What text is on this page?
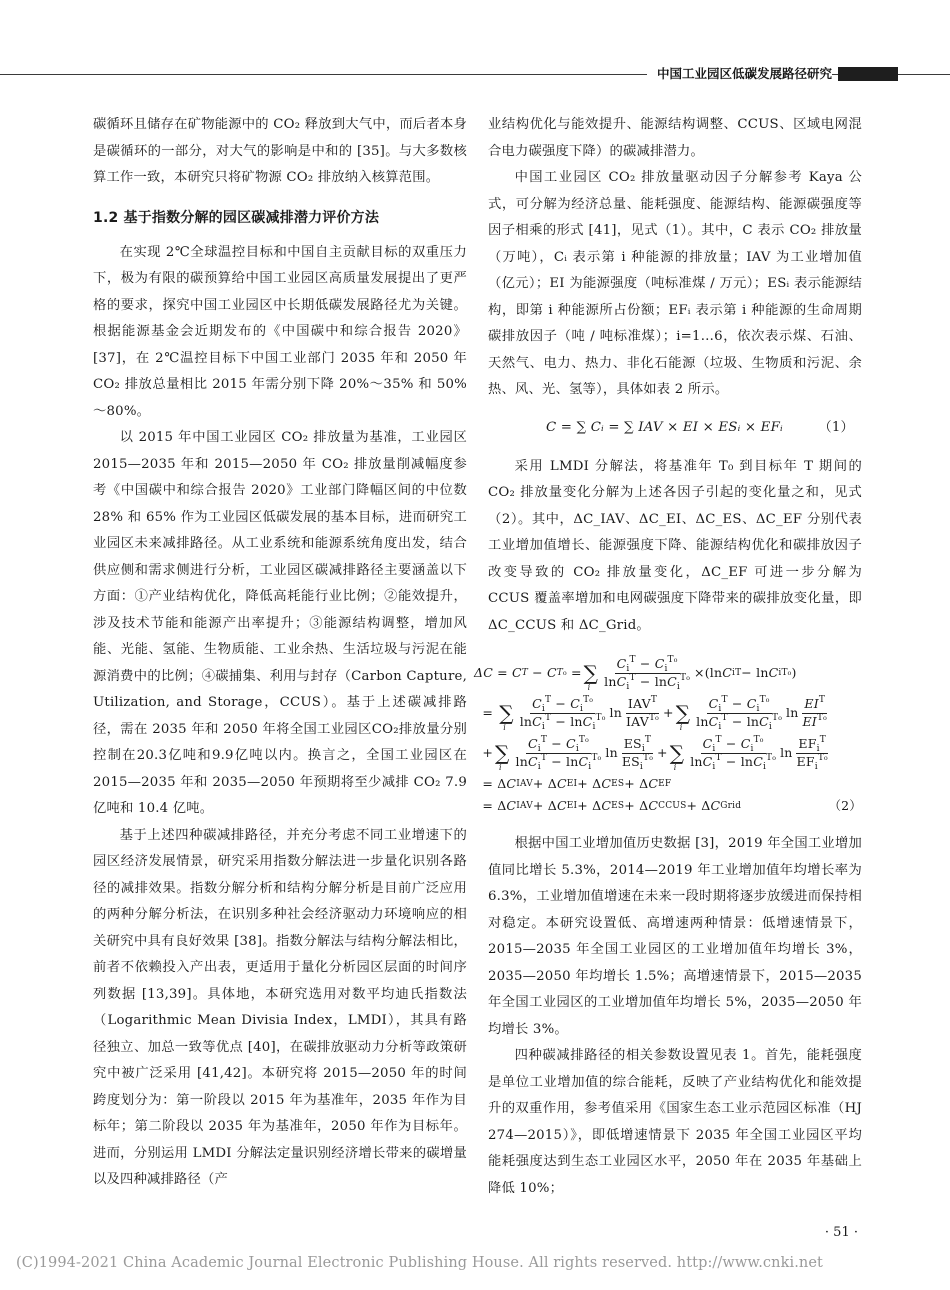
中国工业园区低碳发展路径研究

碳循环且储存在矿物能源中的 CO₂ 释放到大气中，而后者本身是碳循环的一部分，对大气的影响是中和的 [35]。与大多数核算工作一致，本研究只将矿物源 CO₂ 排放纳入核算范围。

1.2 基于指数分解的园区碳减排潜力评价方法

在实现 2℃全球温控目标和中国自主贡献目标的双重压力下，极为有限的碳预算给中国工业园区高质量发展提出了更严格的要求，探究中国工业园区中长期低碳发展路径尤为关键。根据能源基金会近期发布的《中国碳中和综合报告 2020》[37]，在 2℃温控目标下中国工业部门 2035 年和 2050 年 CO₂ 排放总量相比 2015 年需分别下降 20%～35% 和 50%～80%。

以 2015 年中国工业园区 CO₂ 排放量为基准，工业园区 2015—2035 年和 2015—2050 年 CO₂ 排放量削减幅度参考《中国碳中和综合报告 2020》工业部门降幅区间的中位数 28% 和 65% 作为工业园区低碳发展的基本目标，进而研究工业园区未来减排路径。从工业系统和能源系统角度出发，结合供应侧和需求侧进行分析，工业园区碳减排路径主要涵盖以下方面：①产业结构优化，降低高耗能行业比例；②能效提升，涉及技术节能和能源产出率提升；③能源结构调整，增加风能、光能、氢能、生物质能、工业余热、生活垃圾与污泥在能源消费中的比例；④碳捕集、利用与封存（Carbon Capture, Utilization, and Storage，CCUS）。基于上述碳减排路径，需在 2035 年和 2050 年将全国工业园区CO₂排放量分别控制在20.3亿吨和9.9亿吨以内。换言之，全国工业园区在 2015—2035 年和 2035—2050 年预期将至少减排 CO₂ 7.9 亿吨和 10.4 亿吨。

基于上述四种碳减排路径，并充分考虑不同工业增速下的园区经济发展情景，研究采用指数分解法进一步量化识别各路径的减排效果。指数分解分析和结构分解分析是目前广泛应用的两种分解分析法，在识别多种社会经济驱动力环境响应的相关研究中具有良好效果 [38]。指数分解法与结构分解法相比，前者不依赖投入产出表，更适用于量化分析园区层面的时间序列数据 [13,39]。具体地，本研究选用对数平均迪氏指数法（Logarithmic Mean Divisia Index，LMDI），其具有路径独立、加总一致等优点 [40]，在碳排放驱动力分析等政策研究中被广泛采用 [41,42]。本研究将 2015—2050 年的时间跨度划分为：第一阶段以 2015 年为基准年，2035 年作为目标年；第二阶段以 2035 年为基准年，2050 年作为目标年。进而，分别运用 LMDI 分解法定量识别经济增长带来的碳增量以及四种减排路径（产

业结构优化与能效提升、能源结构调整、CCUS、区域电网混合电力碳强度下降）的碳减排潜力。

中国工业园区 CO₂ 排放量驱动因子分解参考 Kaya 公式，可分解为经济总量、能耗强度、能源结构、能源碳强度等因子相乘的形式 [41]，见式（1）。其中，C 表示 CO₂ 排放量（万吨），Cᵢ 表示第 i 种能源的排放量；IAV 为工业增加值（亿元）；EI 为能源强度（吨标准煤 / 万元）；ESᵢ 表示能源结构，即第 i 种能源所占份额；EFᵢ 表示第 i 种能源的生命周期碳排放因子（吨 / 吨标准煤）；i=1…6，依次表示煤、石油、天然气、电力、热力、非化石能源（垃圾、生物质和污泥、余热、风、光、氢等），具体如表 2 所示。

C = ∑ Cᵢ = ∑ IAV × EI × ESᵢ × EFᵢ	（1）

采用 LMDI 分解法，将基准年 T₀ 到目标年 T 期间的 CO₂ 排放量变化分解为上述各因子引起的变化量之和，见式（2）。其中，ΔC_IAV、ΔC_EI、ΔC_ES、ΔC_EF 分别代表工业增加值增长、能源强度下降、能源结构优化和碳排放因子改变导致的 CO₂ 排放量变化，ΔC_EF 可进一步分解为 CCUS 覆盖率增加和电网碳强度下降带来的碳排放变化量，即 ΔC_CCUS 和 ΔC_Grid。

ΔC = C T − C T₀ = ∑
i $\frac{C_i^T - C_i^{T_0}}{\ln C_i^T - \ln C_i^{T_0}} \times(\ln$ C i T − ln C i T₀ )
= ∑
i $\frac{C_i^T - C_i^{T_0}}{\ln C_i^T - \ln C_i^{T_0}}$ $\ln \frac{IAV^T}{IAV^{T_0}}$ + ∑
i $\frac{C_i^T - C_i^{T_0}}{\ln C_i^T - \ln C_i^{T_0}}$ $\ln \frac{EI^T}{EI^{T_0}}$
+ ∑
i $\frac{C_i^T - C_i^{T_0}}{\ln C_i^T - \ln C_i^{T_0}}$ $\ln \frac{ES_i^T}{ES_i^{T_0}}$ + ∑
i $\frac{C_i^T - C_i^{T_0}}{\ln C_i^T - \ln C_i^{T_0}}$ $\ln \frac{EF_i^T}{EF_i^{T_0}}$
= Δ C IAV + Δ C EI + Δ C ES + Δ C EF
= Δ C IAV + Δ C EI + Δ C ES + Δ C CCUS + Δ C Grid	（2）

根据中国工业增加值历史数据 [3]，2019 年全国工业增加值同比增长 5.3%，2014—2019 年工业增加值年均增长率为 6.3%，工业增加值增速在未来一段时期将逐步放缓进而保持相对稳定。本研究设置低、高增速两种情景：低增速情景下，2015—2035 年全国工业园区的工业增加值年均增长 3%，2035—2050 年均增长 1.5%；高增速情景下，2015—2035 年全国工业园区的工业增加值年均增长 5%，2035—2050 年均增长 3%。

四种碳减排路径的相关参数设置见表 1。首先，能耗强度是单位工业增加值的综合能耗，反映了产业结构优化和能效提升的双重作用，参考值采用《国家生态工业示范园区标准（HJ 274—2015）》，即低增速情景下 2035 年全国工业园区平均能耗强度达到生态工业园区水平，2050 年在 2035 年基础上降低 10%；

· 51 ·
(C)1994-2021 China Academic Journal Electronic Publishing House. All rights reserved. http://www.cnki.net
